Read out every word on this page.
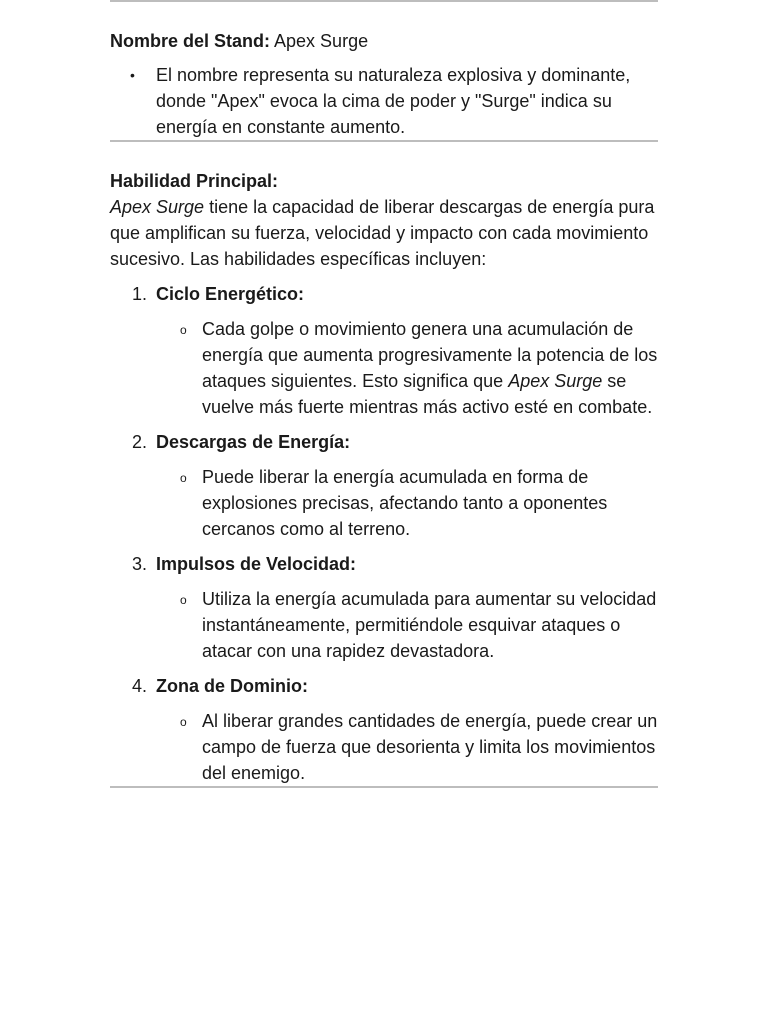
Nombre del Stand: Apex Surge

• El nombre representa su naturaleza explosiva y dominante, donde "Apex" evoca la cima de poder y "Surge" indica su energía en constante aumento.
Habilidad Principal:
Apex Surge tiene la capacidad de liberar descargas de energía pura que amplifican su fuerza, velocidad y impacto con cada movimiento sucesivo. Las habilidades específicas incluyen:
1. Ciclo Energético:
o Cada golpe o movimiento genera una acumulación de energía que aumenta progresivamente la potencia de los ataques siguientes. Esto significa que Apex Surge se vuelve más fuerte mientras más activo esté en combate.
2. Descargas de Energía:
o Puede liberar la energía acumulada en forma de explosiones precisas, afectando tanto a oponentes cercanos como al terreno.
3. Impulsos de Velocidad:
o Utiliza la energía acumulada para aumentar su velocidad instantáneamente, permitiéndole esquivar ataques o atacar con una rapidez devastadora.
4. Zona de Dominio:
o Al liberar grandes cantidades de energía, puede crear un campo de fuerza que desorienta y limita los movimientos del enemigo.
